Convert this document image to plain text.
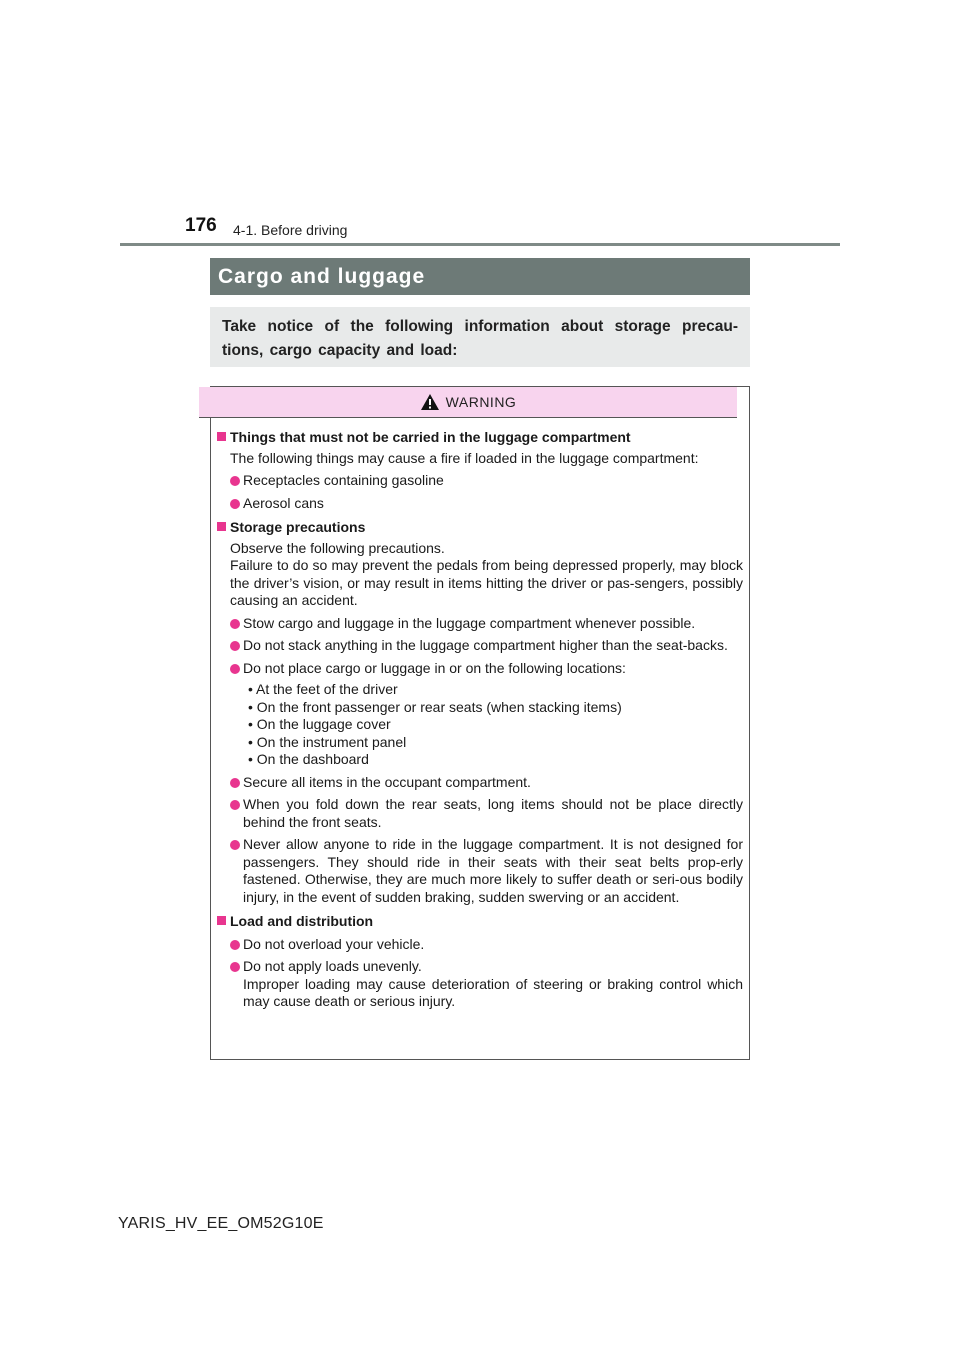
176 4-1. Before driving
Cargo and luggage

Take notice of the following information about storage precau-tions, cargo capacity and load:

WARNING
Things that must not be carried in the luggage compartment
The following things may cause a fire if loaded in the luggage compartment:
Receptacles containing gasoline
Aerosol cans
Storage precautions
Observe the following precautions.
Failure to do so may prevent the pedals from being depressed properly, may block the driver’s vision, or may result in items hitting the driver or pas-sengers, possibly causing an accident.
Stow cargo and luggage in the luggage compartment whenever possible.
Do not stack anything in the luggage compartment higher than the seat-backs.
Do not place cargo or luggage in or on the following locations:
• At the feet of the driver
• On the front passenger or rear seats (when stacking items)
• On the luggage cover
• On the instrument panel
• On the dashboard
Secure all items in the occupant compartment.
When you fold down the rear seats, long items should not be place directly behind the front seats.
Never allow anyone to ride in the luggage compartment. It is not designed for passengers. They should ride in their seats with their seat belts prop-erly fastened. Otherwise, they are much more likely to suffer death or seri-ous bodily injury, in the event of sudden braking, sudden swerving or an accident.
Load and distribution
Do not overload your vehicle.
Do not apply loads unevenly.
Improper loading may cause deterioration of steering or braking control which may cause death or serious injury.
YARIS_HV_EE_OM52G10E
